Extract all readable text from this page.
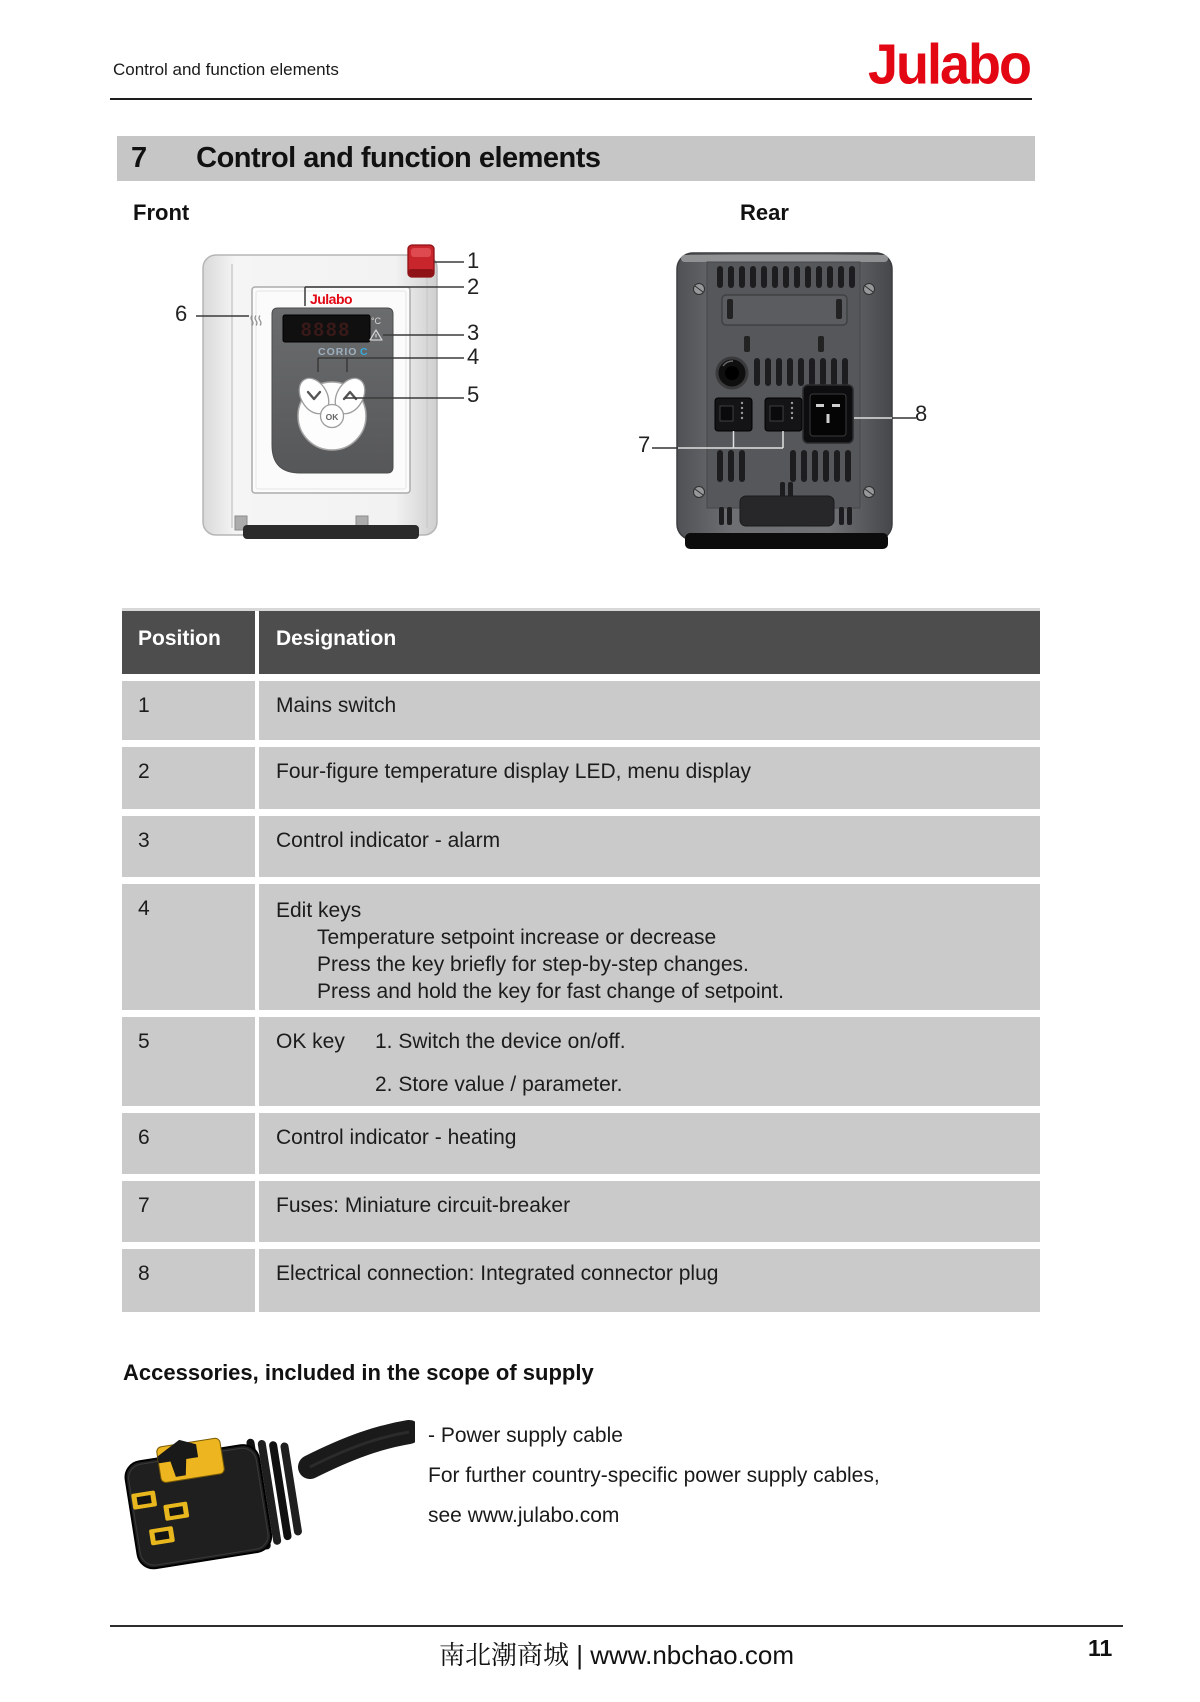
Control and function elements	Julabo
7 Control and function elements
Front	Rear
Julabo
8888 °C
CORIO C
OK
1
2
3
4
5
6
7
8
Position	Designation
1	Mains switch
2	Four-figure temperature display LED, menu display
3	Control indicator - alarm
4	Edit keys
Temperature setpoint increase or decrease
Press the key briefly for step-by-step changes.
Press and hold the key for fast change of setpoint.
5	OK key	1. Switch the device on/off.
2. Store value / parameter.
6	Control indicator - heating
7	Fuses: Miniature circuit-breaker
8	Electrical connection: Integrated connector plug
Accessories, included in the scope of supply
- Power supply cable
For further country-specific power supply cables,
see www.julabo.com
南北潮商城 | www.nbchao.com	11
